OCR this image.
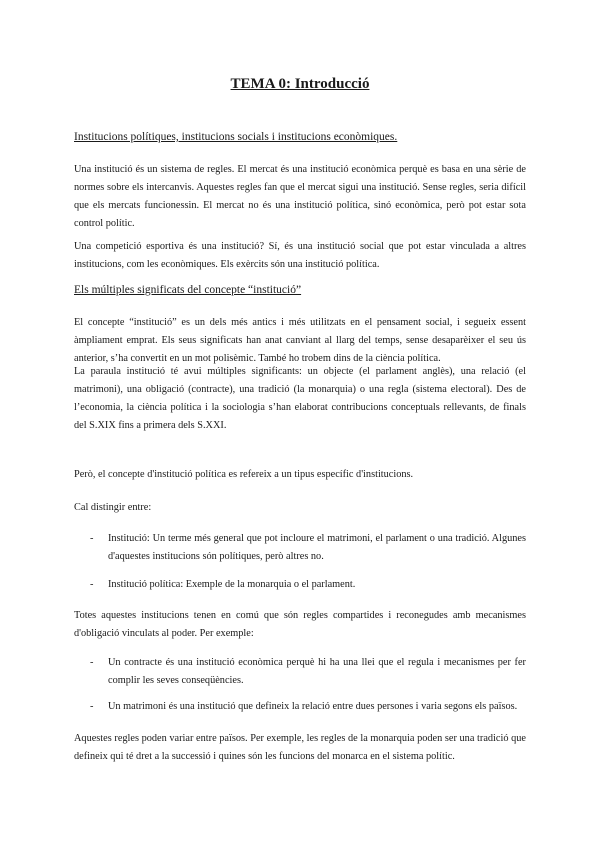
TEMA 0: Introducció
Institucions polítiques, institucions socials i institucions econòmiques.
Una institució és un sistema de regles. El mercat és una institució econòmica perquè es basa en una sèrie de normes sobre els intercanvis. Aquestes regles fan que el mercat sigui una institució. Sense regles, seria difícil que els mercats funcionessin. El mercat no és una institució política, sinó econòmica, però pot estar sota control polític.
Una competició esportiva és una institució? Sí, és una institució social que pot estar vinculada a altres institucions, com les econòmiques. Els exèrcits són una institució política.
Els múltiples significats del concepte “institució”
El concepte “institució” es un dels més antics i més utilitzats en el pensament social, i segueix essent àmpliament emprat. Els seus significats han anat canviant al llarg del temps, sense desaparèixer el seu ús anterior, s’ha convertit en un mot polisèmic. També ho trobem dins de la ciència política.
La paraula institució té avui múltiples significants: un objecte (el parlament anglès), una relació (el matrimoni), una obligació (contracte), una tradició (la monarquia) o una regla (sistema electoral). Des de l’economia, la ciència política i la sociologia s’han elaborat contribucions conceptuals rellevants, de finals del S.XIX fins a primera dels S.XXI.
Però, el concepte d'institució política es refereix a un tipus específic d'institucions.
Cal distingir entre:
- Institució: Un terme més general que pot incloure el matrimoni, el parlament o una tradició. Algunes d'aquestes institucions són polítiques, però altres no.
- Institució política: Exemple de la monarquia o el parlament.
Totes aquestes institucions tenen en comú que són regles compartides i reconegudes amb mecanismes d'obligació vinculats al poder. Per exemple:
- Un contracte és una institució econòmica perquè hi ha una llei que el regula i mecanismes per fer complir les seves conseqüències.
- Un matrimoni és una institució que defineix la relació entre dues persones i varia segons els països.
Aquestes regles poden variar entre països. Per exemple, les regles de la monarquia poden ser una tradició que defineix qui té dret a la successió i quines són les funcions del monarca en el sistema polític.
